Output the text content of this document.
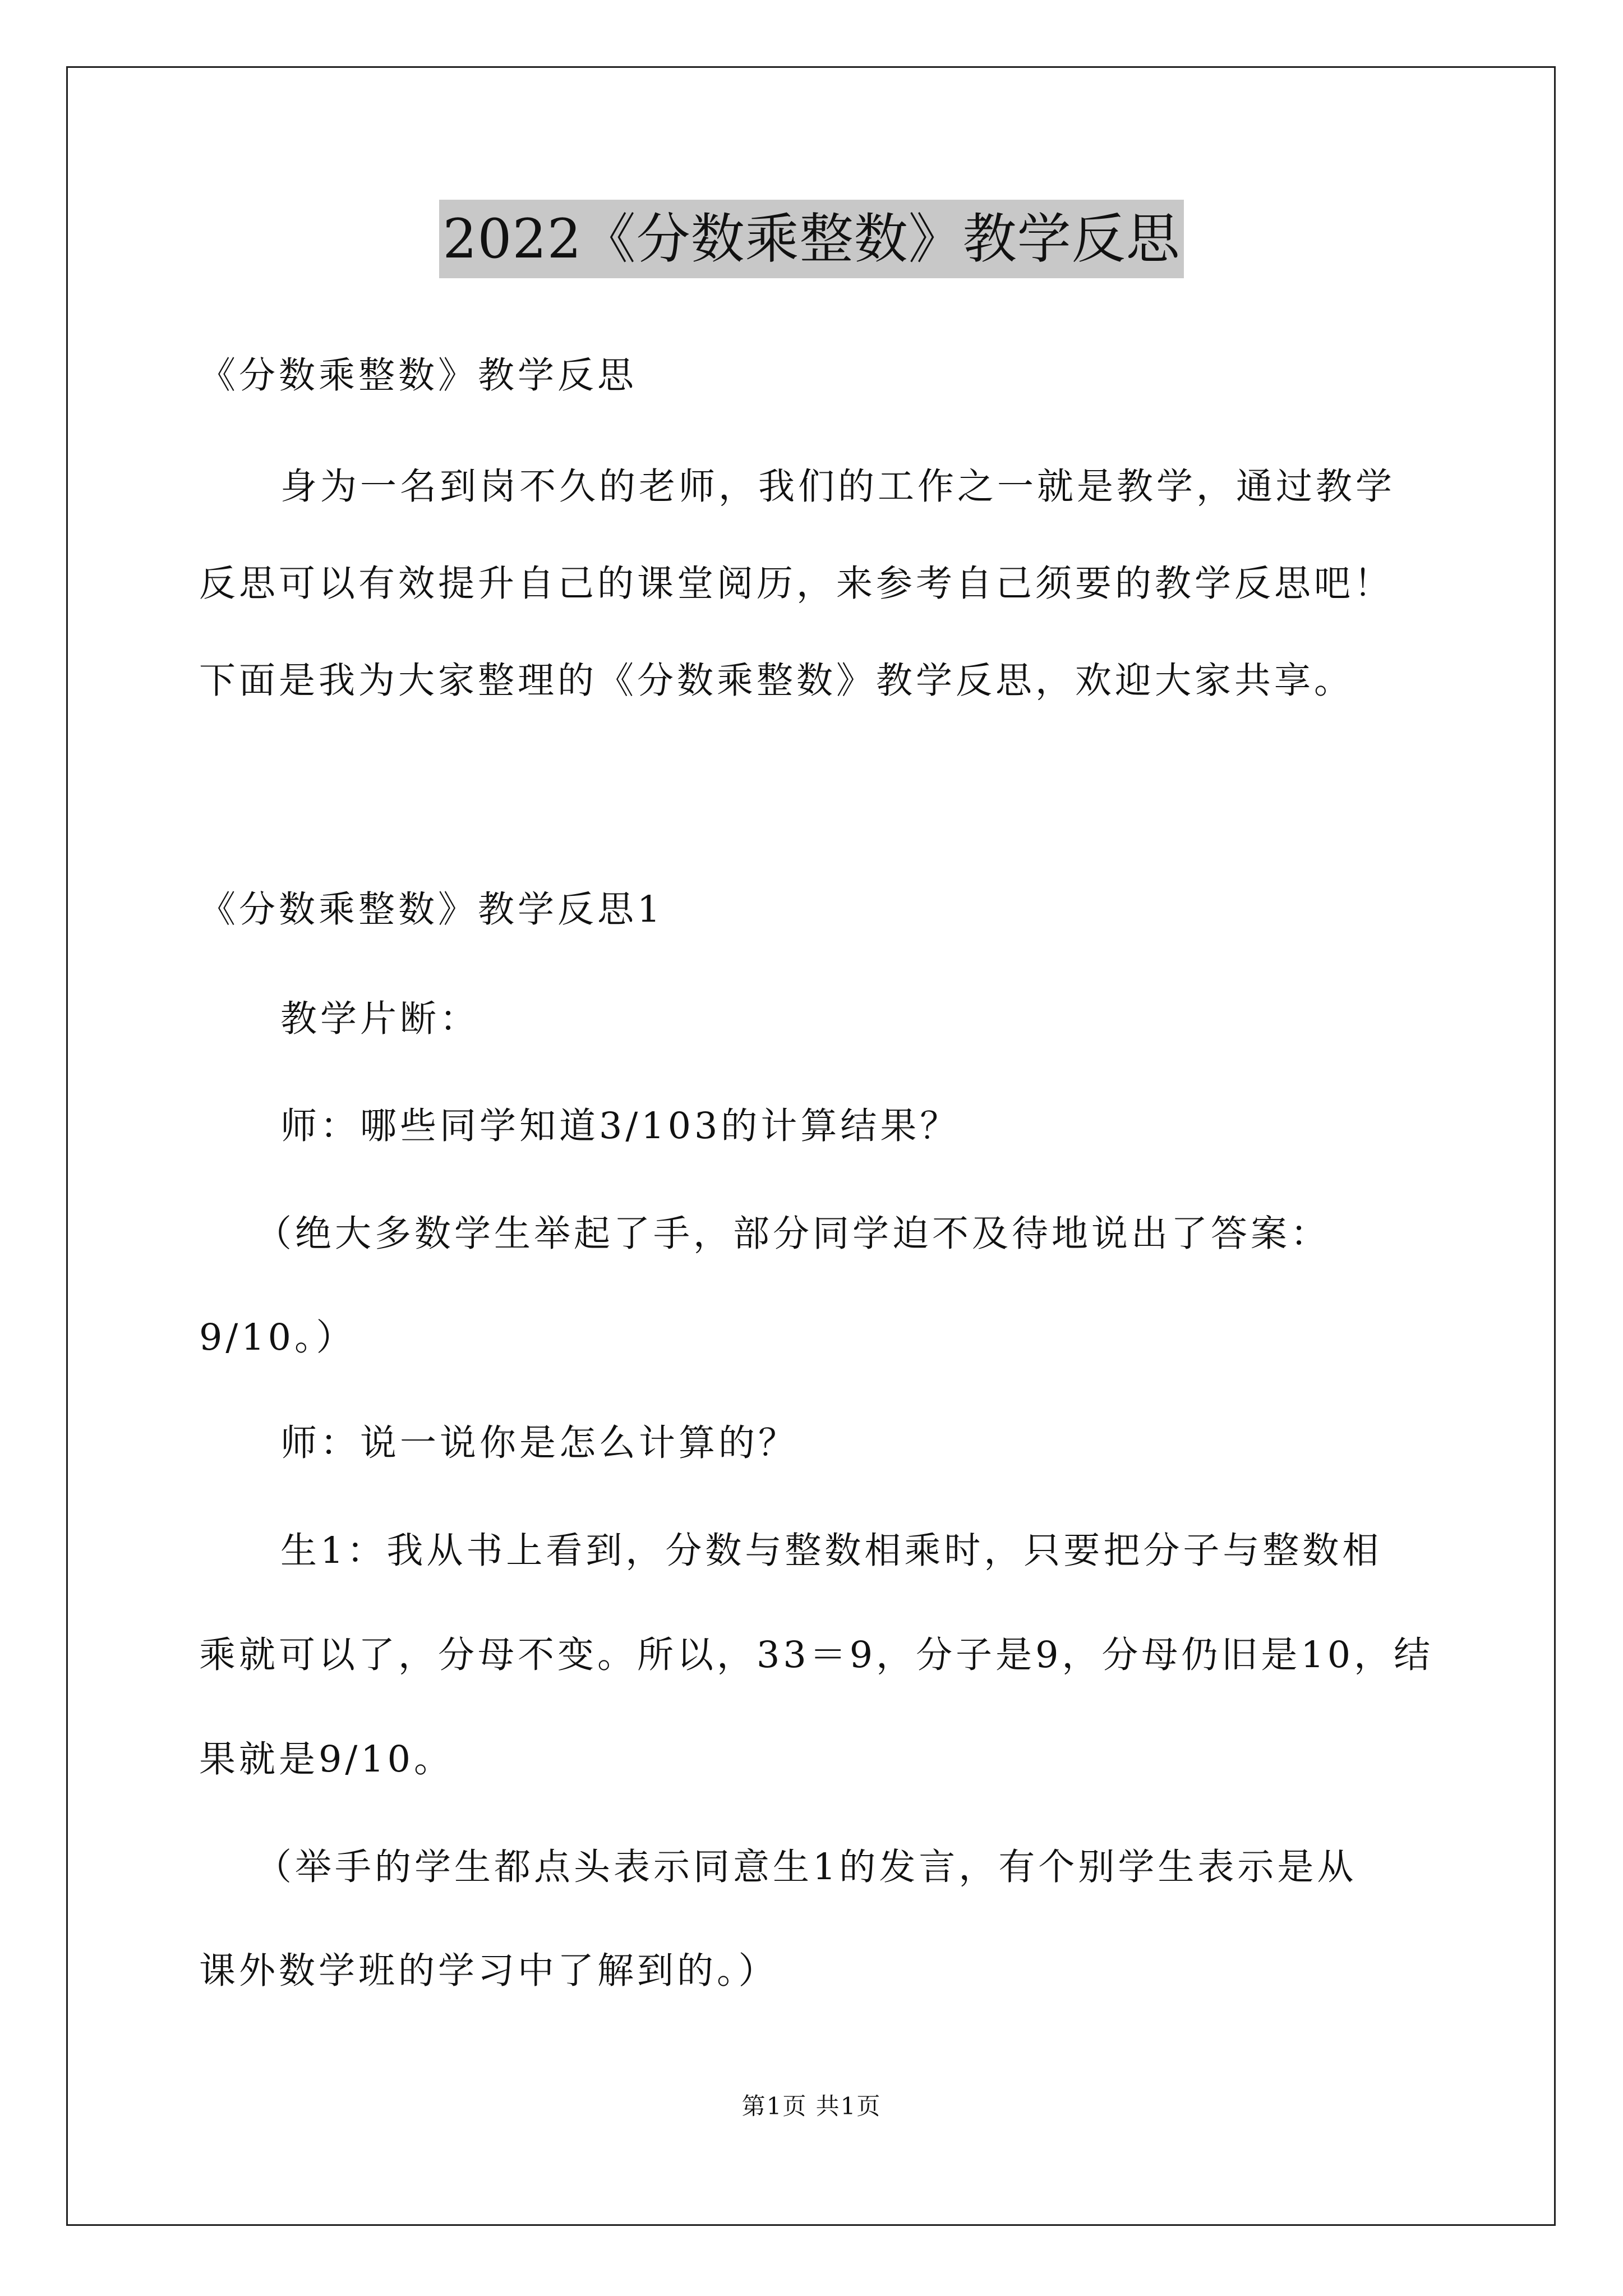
2022《分数乘整数》教学反思
《分数乘整数》教学反思
身为一名到岗不久的老师，我们的工作之一就是教学，通过教学
反思可以有效提升自己的课堂阅历，来参考自己须要的教学反思吧！
下面是我为大家整理的《分数乘整数》教学反思，欢迎大家共享。
《分数乘整数》教学反思1
教学片断：
师：哪些同学知道3/103的计算结果？
（绝大多数学生举起了手，部分同学迫不及待地说出了答案：
9/10。）
师：说一说你是怎么计算的？
生1：我从书上看到，分数与整数相乘时，只要把分子与整数相
乘就可以了，分母不变。所以，33＝9，分子是9，分母仍旧是10，结
果就是9/10。
（举手的学生都点头表示同意生1的发言，有个别学生表示是从
课外数学班的学习中了解到的。）
第1页 共1页
